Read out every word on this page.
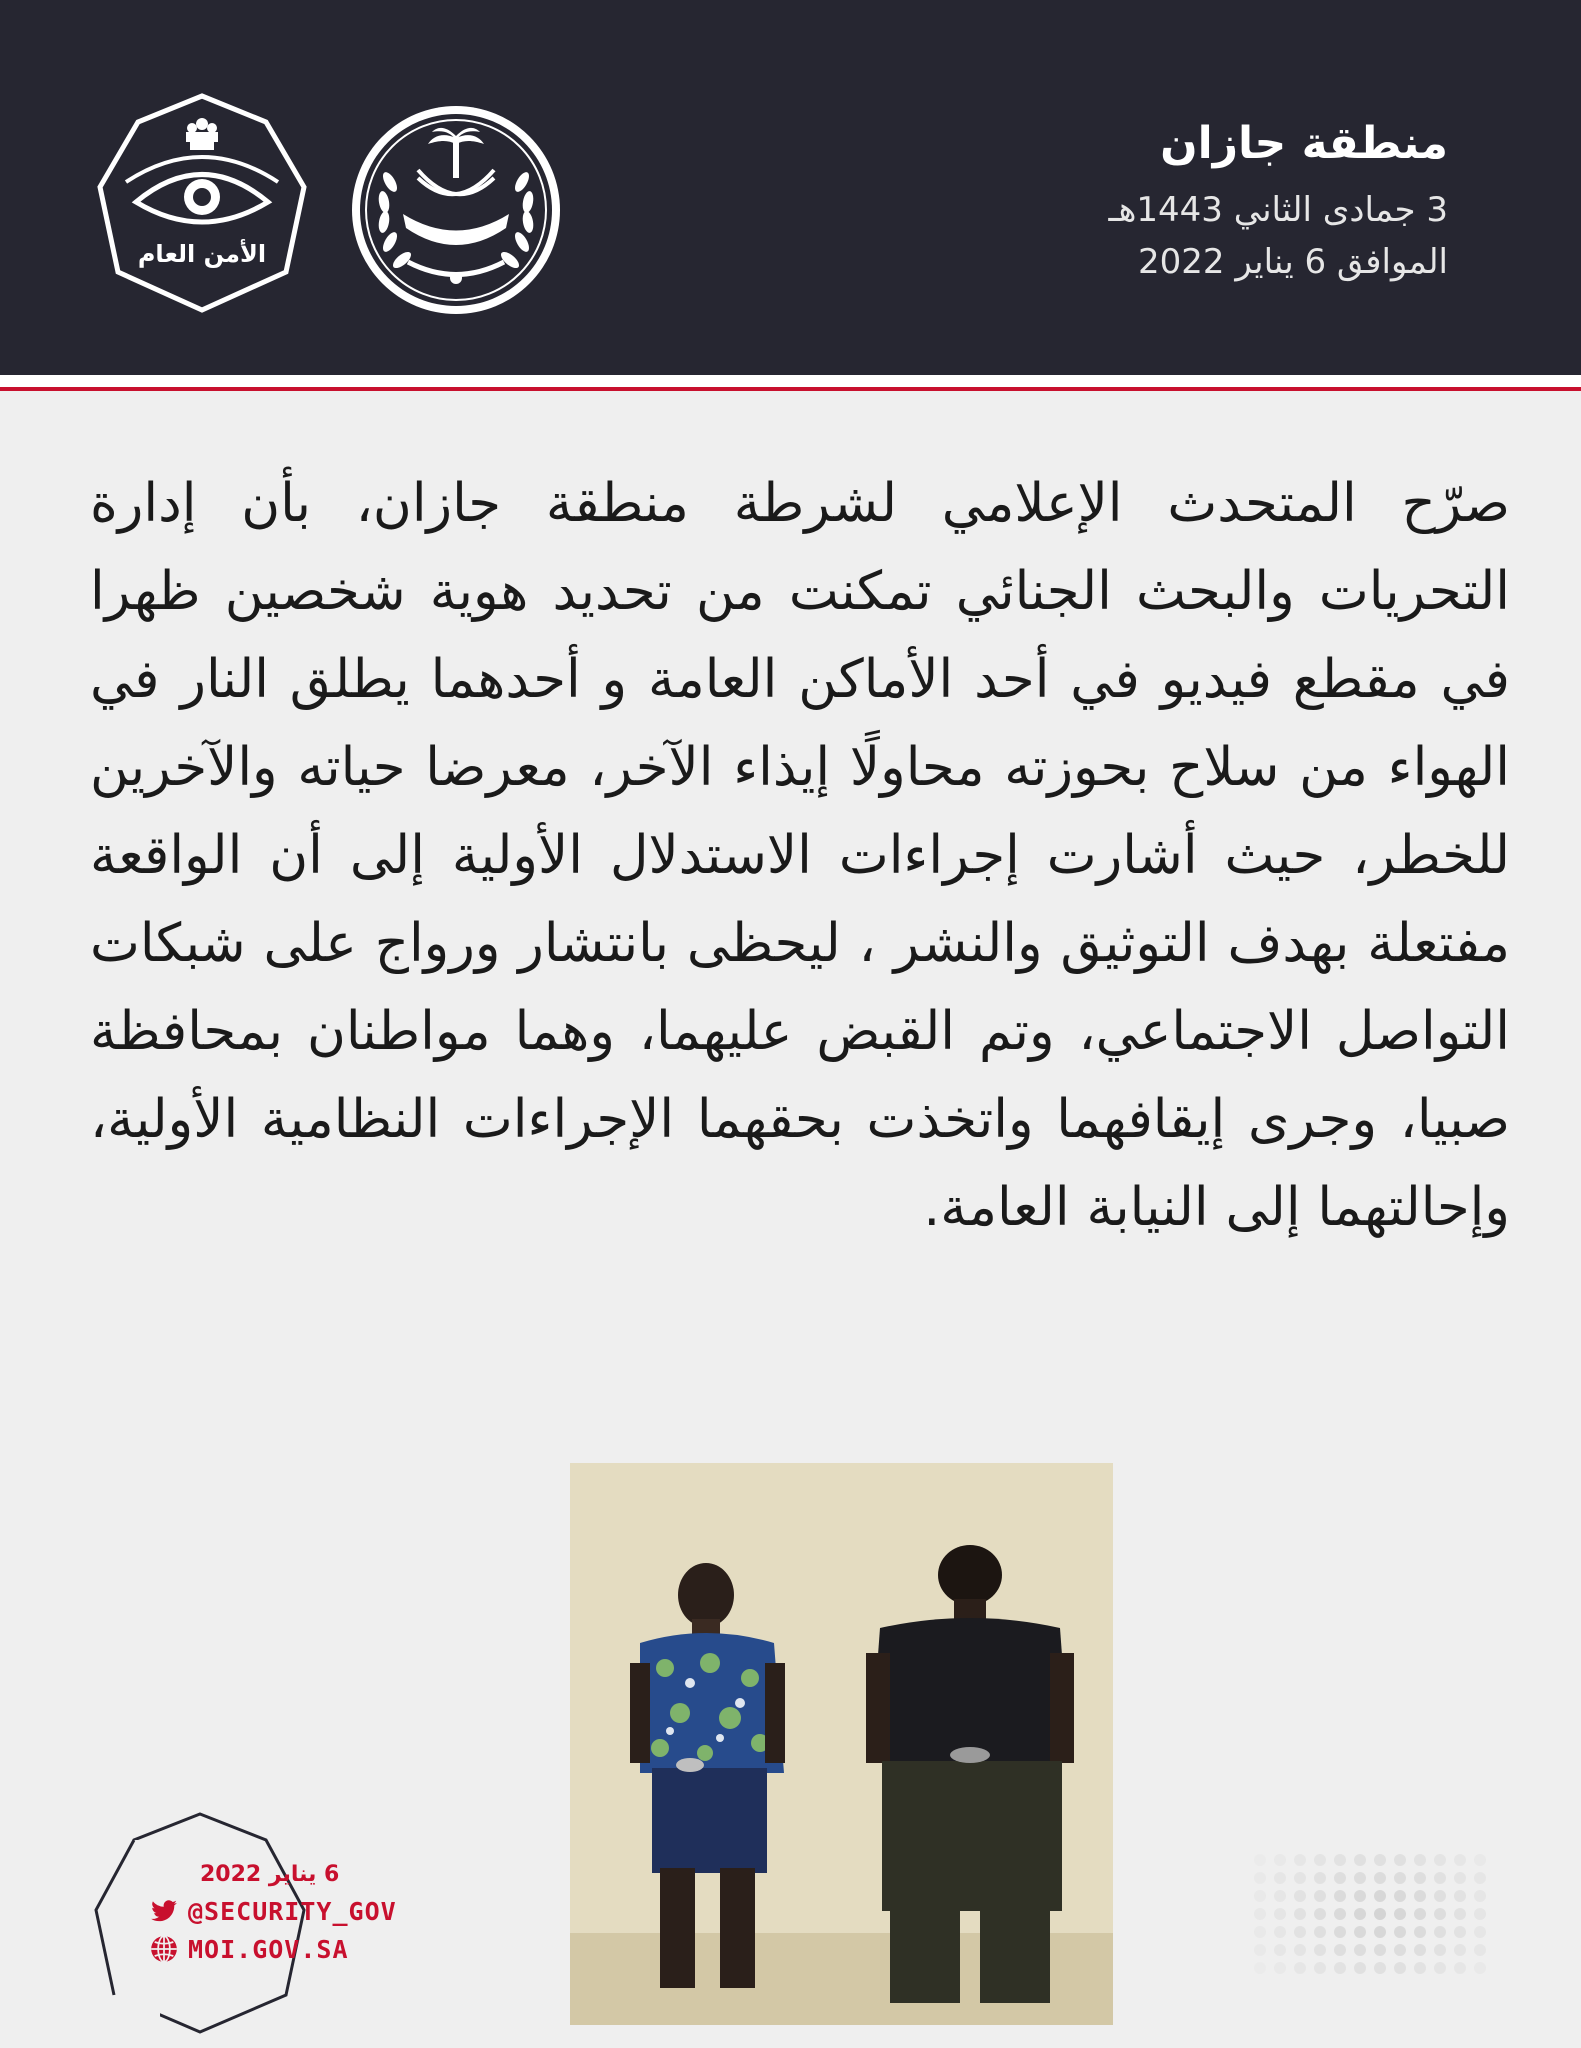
الأمن العام
منطقة جازان
3 جمادى الثاني 1443هـ
الموافق 6 يناير 2022
صرّح المتحدث الإعلامي لشرطة منطقة جازان، بأن إدارة التحريات والبحث الجنائي تمكنت من تحديد هوية شخصين ظهرا في مقطع فيديو في أحد الأماكن العامة و أحدهما يطلق النار في الهواء من سلاح بحوزته محاولًا إيذاء الآخر، معرضا حياته والآخرين للخطر، حيث أشارت إجراءات الاستدلال الأولية إلى أن الواقعة مفتعلة بهدف التوثيق والنشر ، ليحظى بانتشار ورواج على شبكات التواصل الاجتماعي، وتم القبض عليهما، وهما مواطنان بمحافظة صبيا، وجرى إيقافهما واتخذت بحقهما الإجراءات النظامية الأولية، وإحالتهما إلى النيابة العامة.
6 يناير 2022
@SECURITY_GOV
MOI.GOV.SA
